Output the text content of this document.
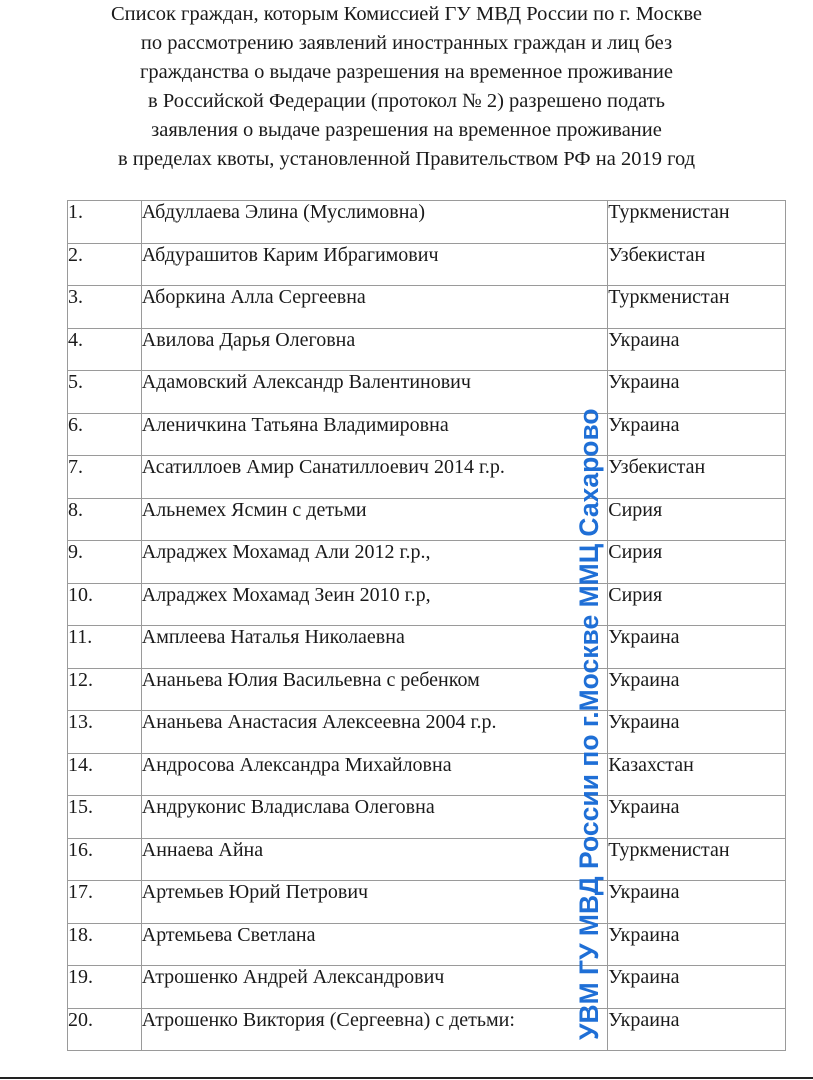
Список граждан, которым Комиссией ГУ МВД России по г. Москве
по рассмотрению заявлений иностранных граждан и лиц без
гражданства о выдаче разрешения на временное проживание
в Российской Федерации (протокол № 2) разрешено подать
заявления о выдаче разрешения на временное проживание
в пределах квоты, установленной Правительством РФ на 2019 год
1.	Абдуллаева Элина (Муслимовна)	Туркменистан
2.	Абдурашитов Карим Ибрагимович	Узбекистан
3.	Аборкина Алла Сергеевна	Туркменистан
4.	Авилова Дарья Олеговна	Украина
5.	Адамовский Александр Валентинович	Украина
6.	Аленичкина Татьяна Владимировна	Украина
7.	Асатиллоев Амир Санатиллоевич 2014 г.р.	Узбекистан
8.	Альнемех Ясмин с детьми	Сирия
9.	Алраджех Мохамад Али 2012 г.р.,	Сирия
10.	Алраджех Мохамад Зеин 2010 г.р,	Сирия
11.	Амплеева Наталья Николаевна	Украина
12.	Ананьева Юлия Васильевна с ребенком	Украина
13.	Ананьева Анастасия Алексеевна 2004 г.р.	Украина
14.	Андросова Александра Михайловна	Казахстан
15.	Андруконис Владислава Олеговна	Украина
16.	Аннаева Айна	Туркменистан
17.	Артемьев Юрий Петрович	Украина
18.	Артемьева Светлана	Украина
19.	Атрошенко Андрей Александрович	Украина
20.	Атрошенко Виктория (Сергеевна) с детьми:	Украина
УВМ ГУ МВД России по г.Москве ММЦ Сахарово
